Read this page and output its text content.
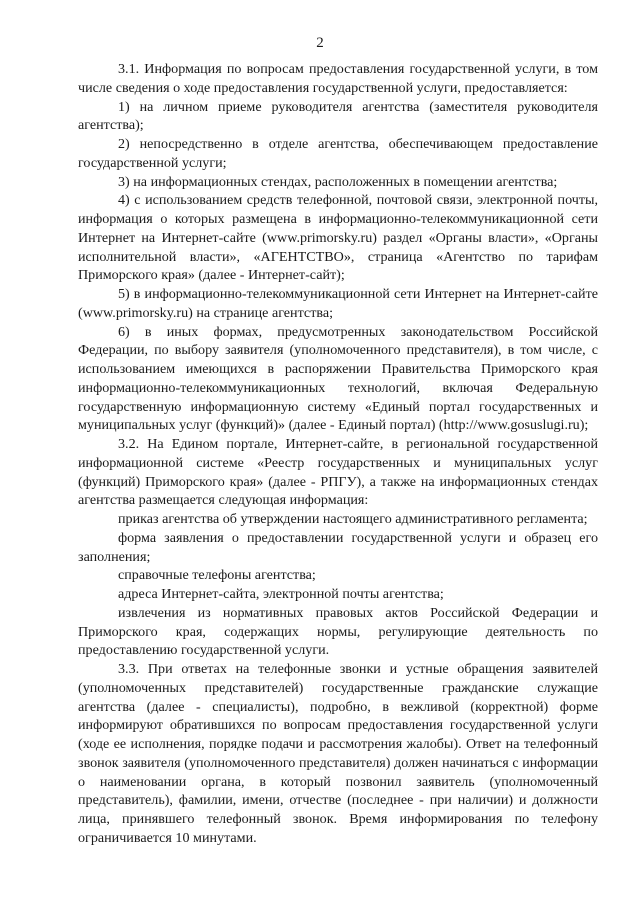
2

3.1. Информация по вопросам предоставления государственной услуги, в том числе сведения о ходе предоставления государственной услуги, предоставляется:

1) на личном приеме руководителя агентства (заместителя руководителя агентства);

2) непосредственно в отделе агентства, обеспечивающем предоставление государственной услуги;

3) на информационных стендах, расположенных в помещении агентства;

4) с использованием средств телефонной, почтовой связи, электронной почты, информация о которых размещена в информационно-телекоммуникационной сети Интернет на Интернет-сайте (www.primorsky.ru) раздел «Органы власти», «Органы исполнительной власти», «АГЕНТСТВО», страница «Агентство по тарифам Приморского края» (далее - Интернет-сайт);

5) в информационно-телекоммуникационной сети Интернет на Интернет-сайте (www.primorsky.ru) на странице агентства;

6) в иных формах, предусмотренных законодательством Российской Федерации, по выбору заявителя (уполномоченного представителя), в том числе, с использованием имеющихся в распоряжении Правительства Приморского края информационно-телекоммуникационных технологий, включая Федеральную государственную информационную систему «Единый портал государственных и муниципальных услуг (функций)» (далее - Единый портал) (http://www.gosuslugi.ru);

3.2. На Едином портале, Интернет-сайте, в региональной государственной информационной системе «Реестр государственных и муниципальных услуг (функций) Приморского края» (далее - РПГУ), а также на информационных стендах агентства размещается следующая информация:

приказ агентства об утверждении настоящего административного регламента;

форма заявления о предоставлении государственной услуги и образец его заполнения;

справочные телефоны агентства;

адреса Интернет-сайта, электронной почты агентства;

извлечения из нормативных правовых актов Российской Федерации и Приморского края, содержащих нормы, регулирующие деятельность по предоставлению государственной услуги.

3.3. При ответах на телефонные звонки и устные обращения заявителей (уполномоченных представителей) государственные гражданские служащие агентства (далее - специалисты), подробно, в вежливой (корректной) форме информируют обратившихся по вопросам предоставления государственной услуги (ходе ее исполнения, порядке подачи и рассмотрения жалобы). Ответ на телефонный звонок заявителя (уполномоченного представителя) должен начинаться с информации о наименовании органа, в который позвонил заявитель (уполномоченный представитель), фамилии, имени, отчестве (последнее - при наличии) и должности лица, принявшего телефонный звонок. Время информирования по телефону ограничивается 10 минутами.
